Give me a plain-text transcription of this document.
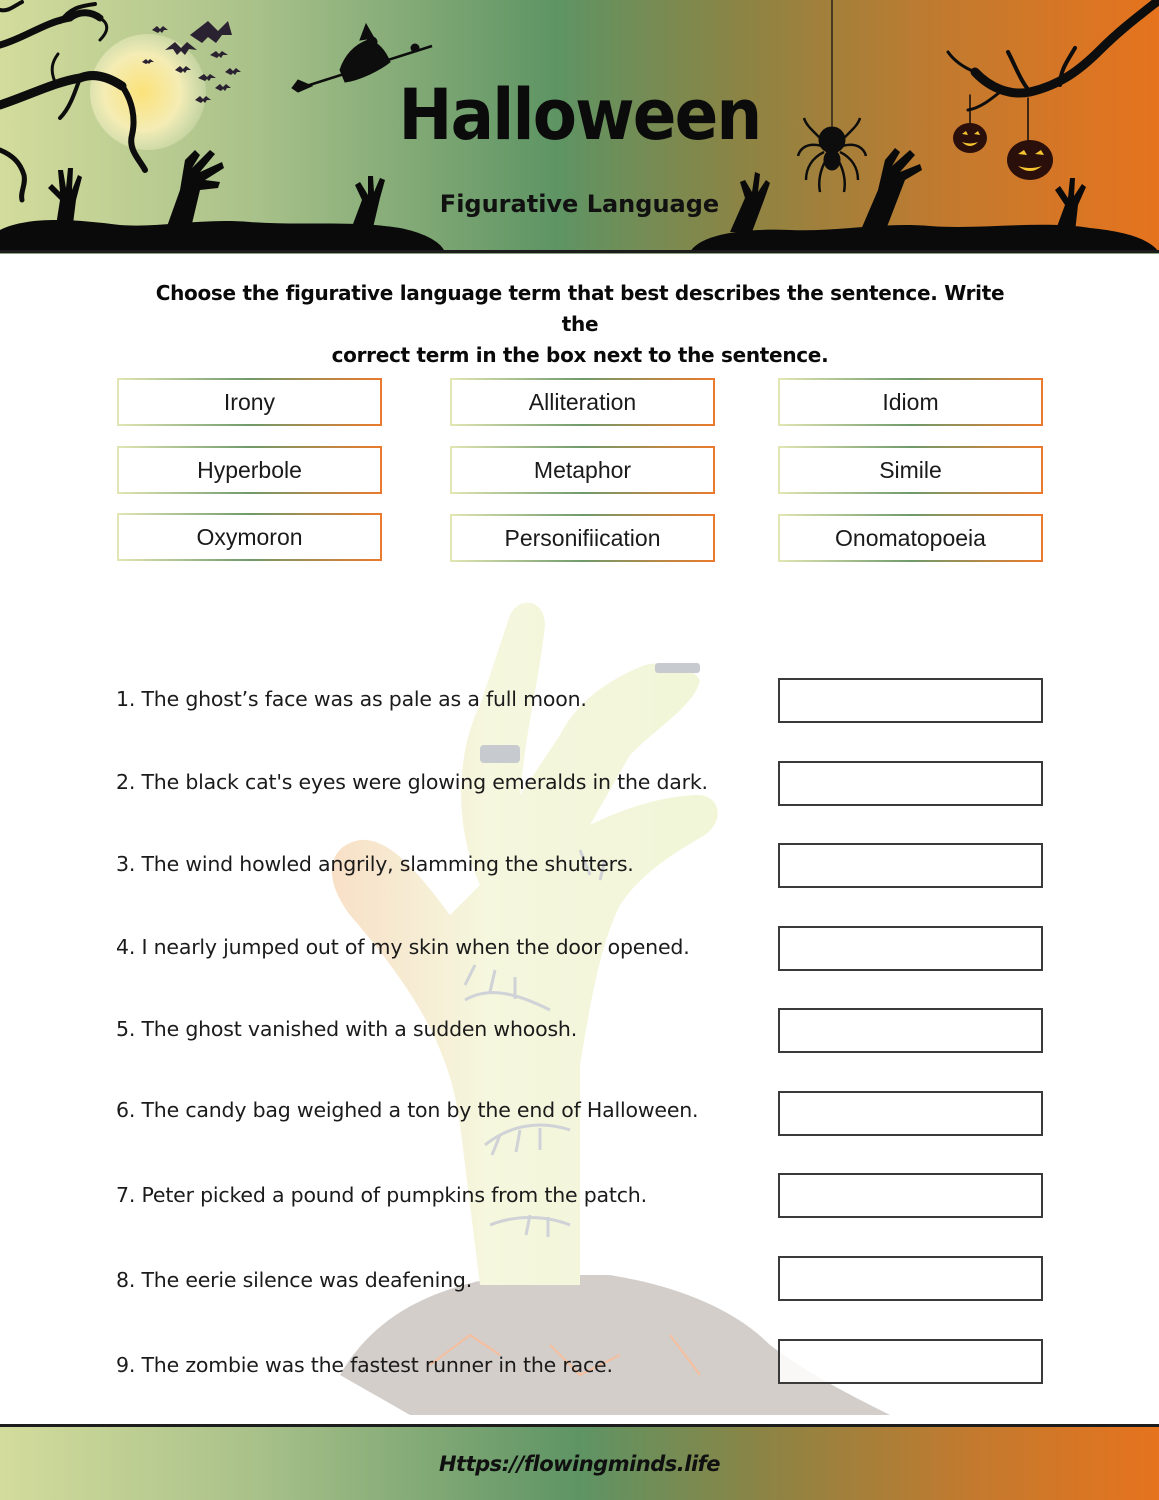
Halloween
Figurative Language
Choose the figurative language term that best describes the sentence. Write the
correct term in the box next to the sentence.
Irony	Alliteration	Idiom
Hyperbole	Metaphor	Simile
Oxymoron	Personifiication	Onomatopoeia
1. The ghost’s face was as pale as a full moon.
2. The black cat's eyes were glowing emeralds in the dark.
3. The wind howled angrily, slamming the shutters.
4. I nearly jumped out of my skin when the door opened.
5. The ghost vanished with a sudden whoosh.
6. The candy bag weighed a ton by the end of Halloween.
7. Peter picked a pound of pumpkins from the patch.
8. The eerie silence was deafening.
9. The zombie was the fastest runner in the race.
Https://flowingminds.life
